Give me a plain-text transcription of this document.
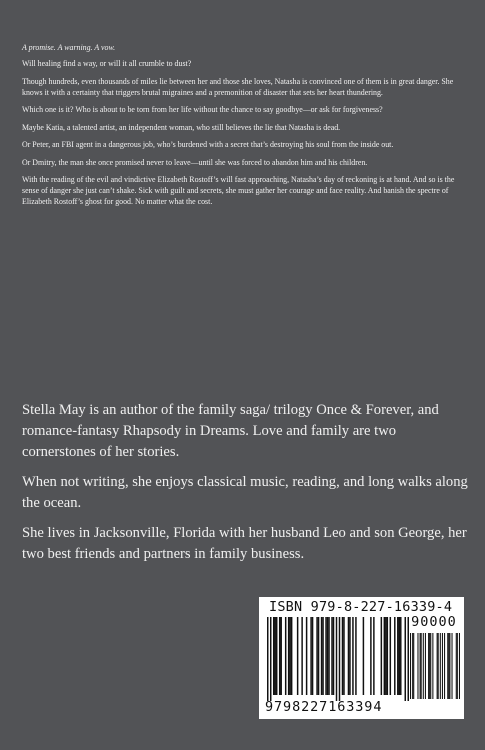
A promise. A warning. A vow.

Will healing find a way, or will it all crumble to dust?

Though hundreds, even thousands of miles lie between her and those she loves, Natasha is convinced one of them is in great danger. She knows it with a certainty that triggers brutal migraines and a premonition of disaster that sets her heart thundering.

Which one is it? Who is about to be torn from her life without the chance to say goodbye—or ask for forgiveness?

Maybe Katia, a talented artist, an independent woman, who still believes the lie that Natasha is dead.

Or Peter, an FBI agent in a dangerous job, who’s burdened with a secret that’s destroying his soul from the inside out.

Or Dmitry, the man she once promised never to leave—until she was forced to abandon him and his children.

With the reading of the evil and vindictive Elizabeth Rostoff’s will fast approaching, Natasha’s day of reckoning is at hand. And so is the sense of danger she just can’t shake. Sick with guilt and secrets, she must gather her courage and face reality. And banish the spectre of Elizabeth Rostoff’s ghost for good. No matter what the cost.

Stella May is an author of the family saga/ trilogy Once & Forever, and romance-fantasy Rhapsody in Dreams. Love and family are two cornerstones of her stories.

When not writing, she enjoys classical music, reading, and long walks along the ocean.

She lives in Jacksonville, Florida with her husband Leo and son George, her two best friends and partners in family business.

ISBN 979-8-227-16339-4
90000
9798227163394
